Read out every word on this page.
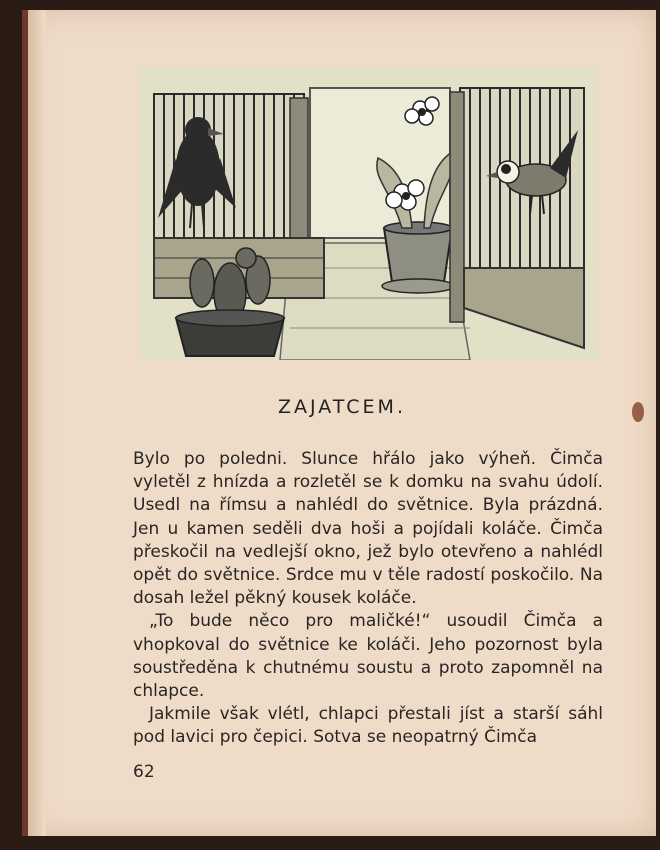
ZAJATCEM.

Bylo po poledni. Slunce hřálo jako výheň. Čimča vyletěl z hnízda a rozletěl se k domku na svahu údolí. Usedl na římsu a nahlédl do světnice. Byla prázdná. Jen u kamen seděli dva hoši a pojídali koláče. Čimča přeskočil na vedlejší okno, jež bylo otevřeno a nahlédl opět do světnice. Srdce mu v těle radostí poskočilo. Na dosah ležel pěkný kousek koláče.

„To bude něco pro maličké!“ usoudil Čimča a vhopkoval do světnice ke koláči. Jeho pozornost byla soustředěna k chutnému soustu a proto zapomněl na chlapce.

Jakmile však vlétl, chlapci přestali jíst a starší sáhl pod lavici pro čepici. Sotva se neopatrný Čimča

62
